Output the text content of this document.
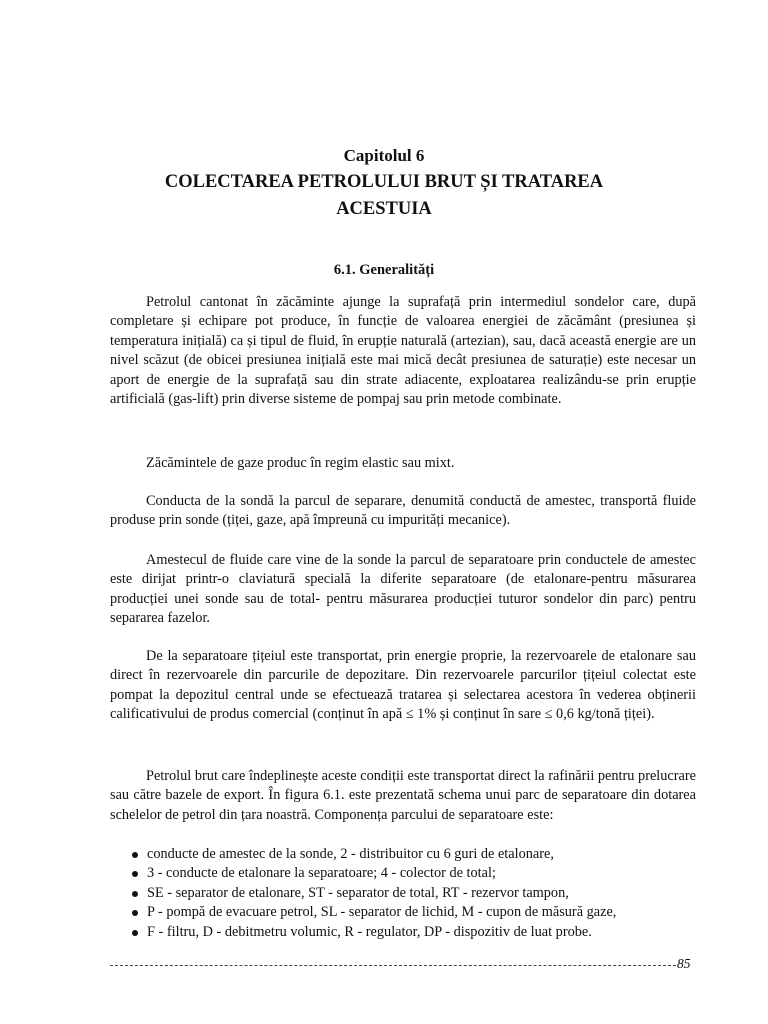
Capitolul 6
COLECTAREA PETROLULUI BRUT ȘI TRATAREA ACESTUIA
6.1. Generalități

Petrolul cantonat în zăcăminte ajunge la suprafață prin intermediul sondelor care, după completare și echipare pot produce, în funcție de valoarea energiei de zăcământ (presiunea și temperatura inițială) ca și tipul de fluid, în erupție naturală (artezian), sau, dacă această energie are un nivel scăzut (de obicei presiunea inițială este mai mică decât presiunea de saturație) este necesar un aport de energie de la suprafață sau din strate adiacente, exploatarea realizându-se prin erupție artificială (gas-lift) prin diverse sisteme de pompaj sau prin metode combinate.

Zăcămintele de gaze produc în regim elastic sau mixt.

Conducta de la sondă la parcul de separare, denumită conductă de amestec, transportă fluide produse prin sonde (țiței, gaze, apă împreună cu impurități mecanice).

Amestecul de fluide care vine de la sonde la parcul de separatoare prin conductele de amestec este dirijat printr-o claviatură specială la diferite separatoare (de etalonare-pentru măsurarea producției unei sonde sau de total- pentru măsurarea producției tuturor sondelor din parc) pentru separarea fazelor.

De la separatoare țițeiul este transportat, prin energie proprie, la rezervoarele de etalonare sau direct în rezervoarele din parcurile de depozitare. Din rezervoarele parcurilor țițeiul colectat este pompat la depozitul central unde se efectuează tratarea și selectarea acestora în vederea obținerii calificativului de produs comercial (conținut în apă ≤ 1% și conținut în sare ≤ 0,6 kg/tonă țiței).

Petrolul brut care îndeplinește aceste condiții este transportat direct la rafinării pentru prelucrare sau către bazele de export. În figura 6.1. este prezentată schema unui parc de separatoare din dotarea schelelor de petrol din țara noastră. Componența parcului de separatoare este:

conducte de amestec de la sonde, 2 - distribuitor cu 6 guri de etalonare,
3 - conducte de etalonare la separatoare; 4 - colector de total;
SE - separator de etalonare, ST - separator de total, RT - rezervor tampon,
P - pompă de evacuare petrol, SL - separator de lichid, M - cupon de măsură gaze,
F - filtru, D - debitmetru volumic, R - regulator, DP - dispozitiv de luat probe.
85
